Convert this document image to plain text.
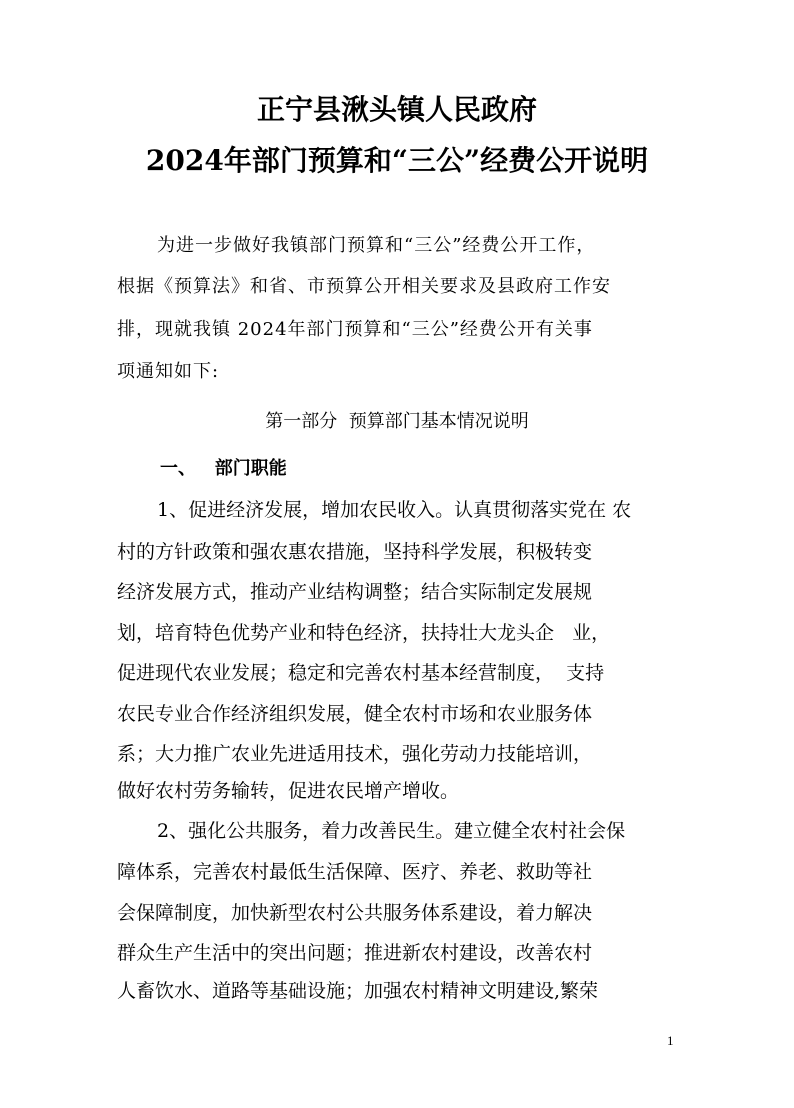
正宁县湫头镇人民政府
2024年部门预算和“三公”经费公开说明
为进一步做好我镇部门预算和“三公”经费公开工作，
根据《预算法》和省、市预算公开相关要求及县政府工作安
排，现就我镇 2024年部门预算和“三公”经费公开有关事
项通知如下:
第一部分  预算部门基本情况说明
一、   部门职能
1、促进经济发展，增加农民收入。认真贯彻落实党在 农
村的方针政策和强农惠农措施，坚持科学发展，积极转变
经济发展方式，推动产业结构调整；结合实际制定发展规
划，培育特色优势产业和特色经济，扶持壮大龙头企   业，
促进现代农业发展；稳定和完善农村基本经营制度，  支持
农民专业合作经济组织发展，健全农村市场和农业服务体
系；大力推广农业先进适用技术，强化劳动力技能培训，
做好农村劳务输转，促进农民增产增收。
2、强化公共服务，着力改善民生。建立健全农村社会保
障体系，完善农村最低生活保障、医疗、养老、救助等社
会保障制度，加快新型农村公共服务体系建设，着力解决
群众生产生活中的突出问题；推进新农村建设，改善农村
人畜饮水、道路等基础设施；加强农村精神文明建设,繁荣
1
